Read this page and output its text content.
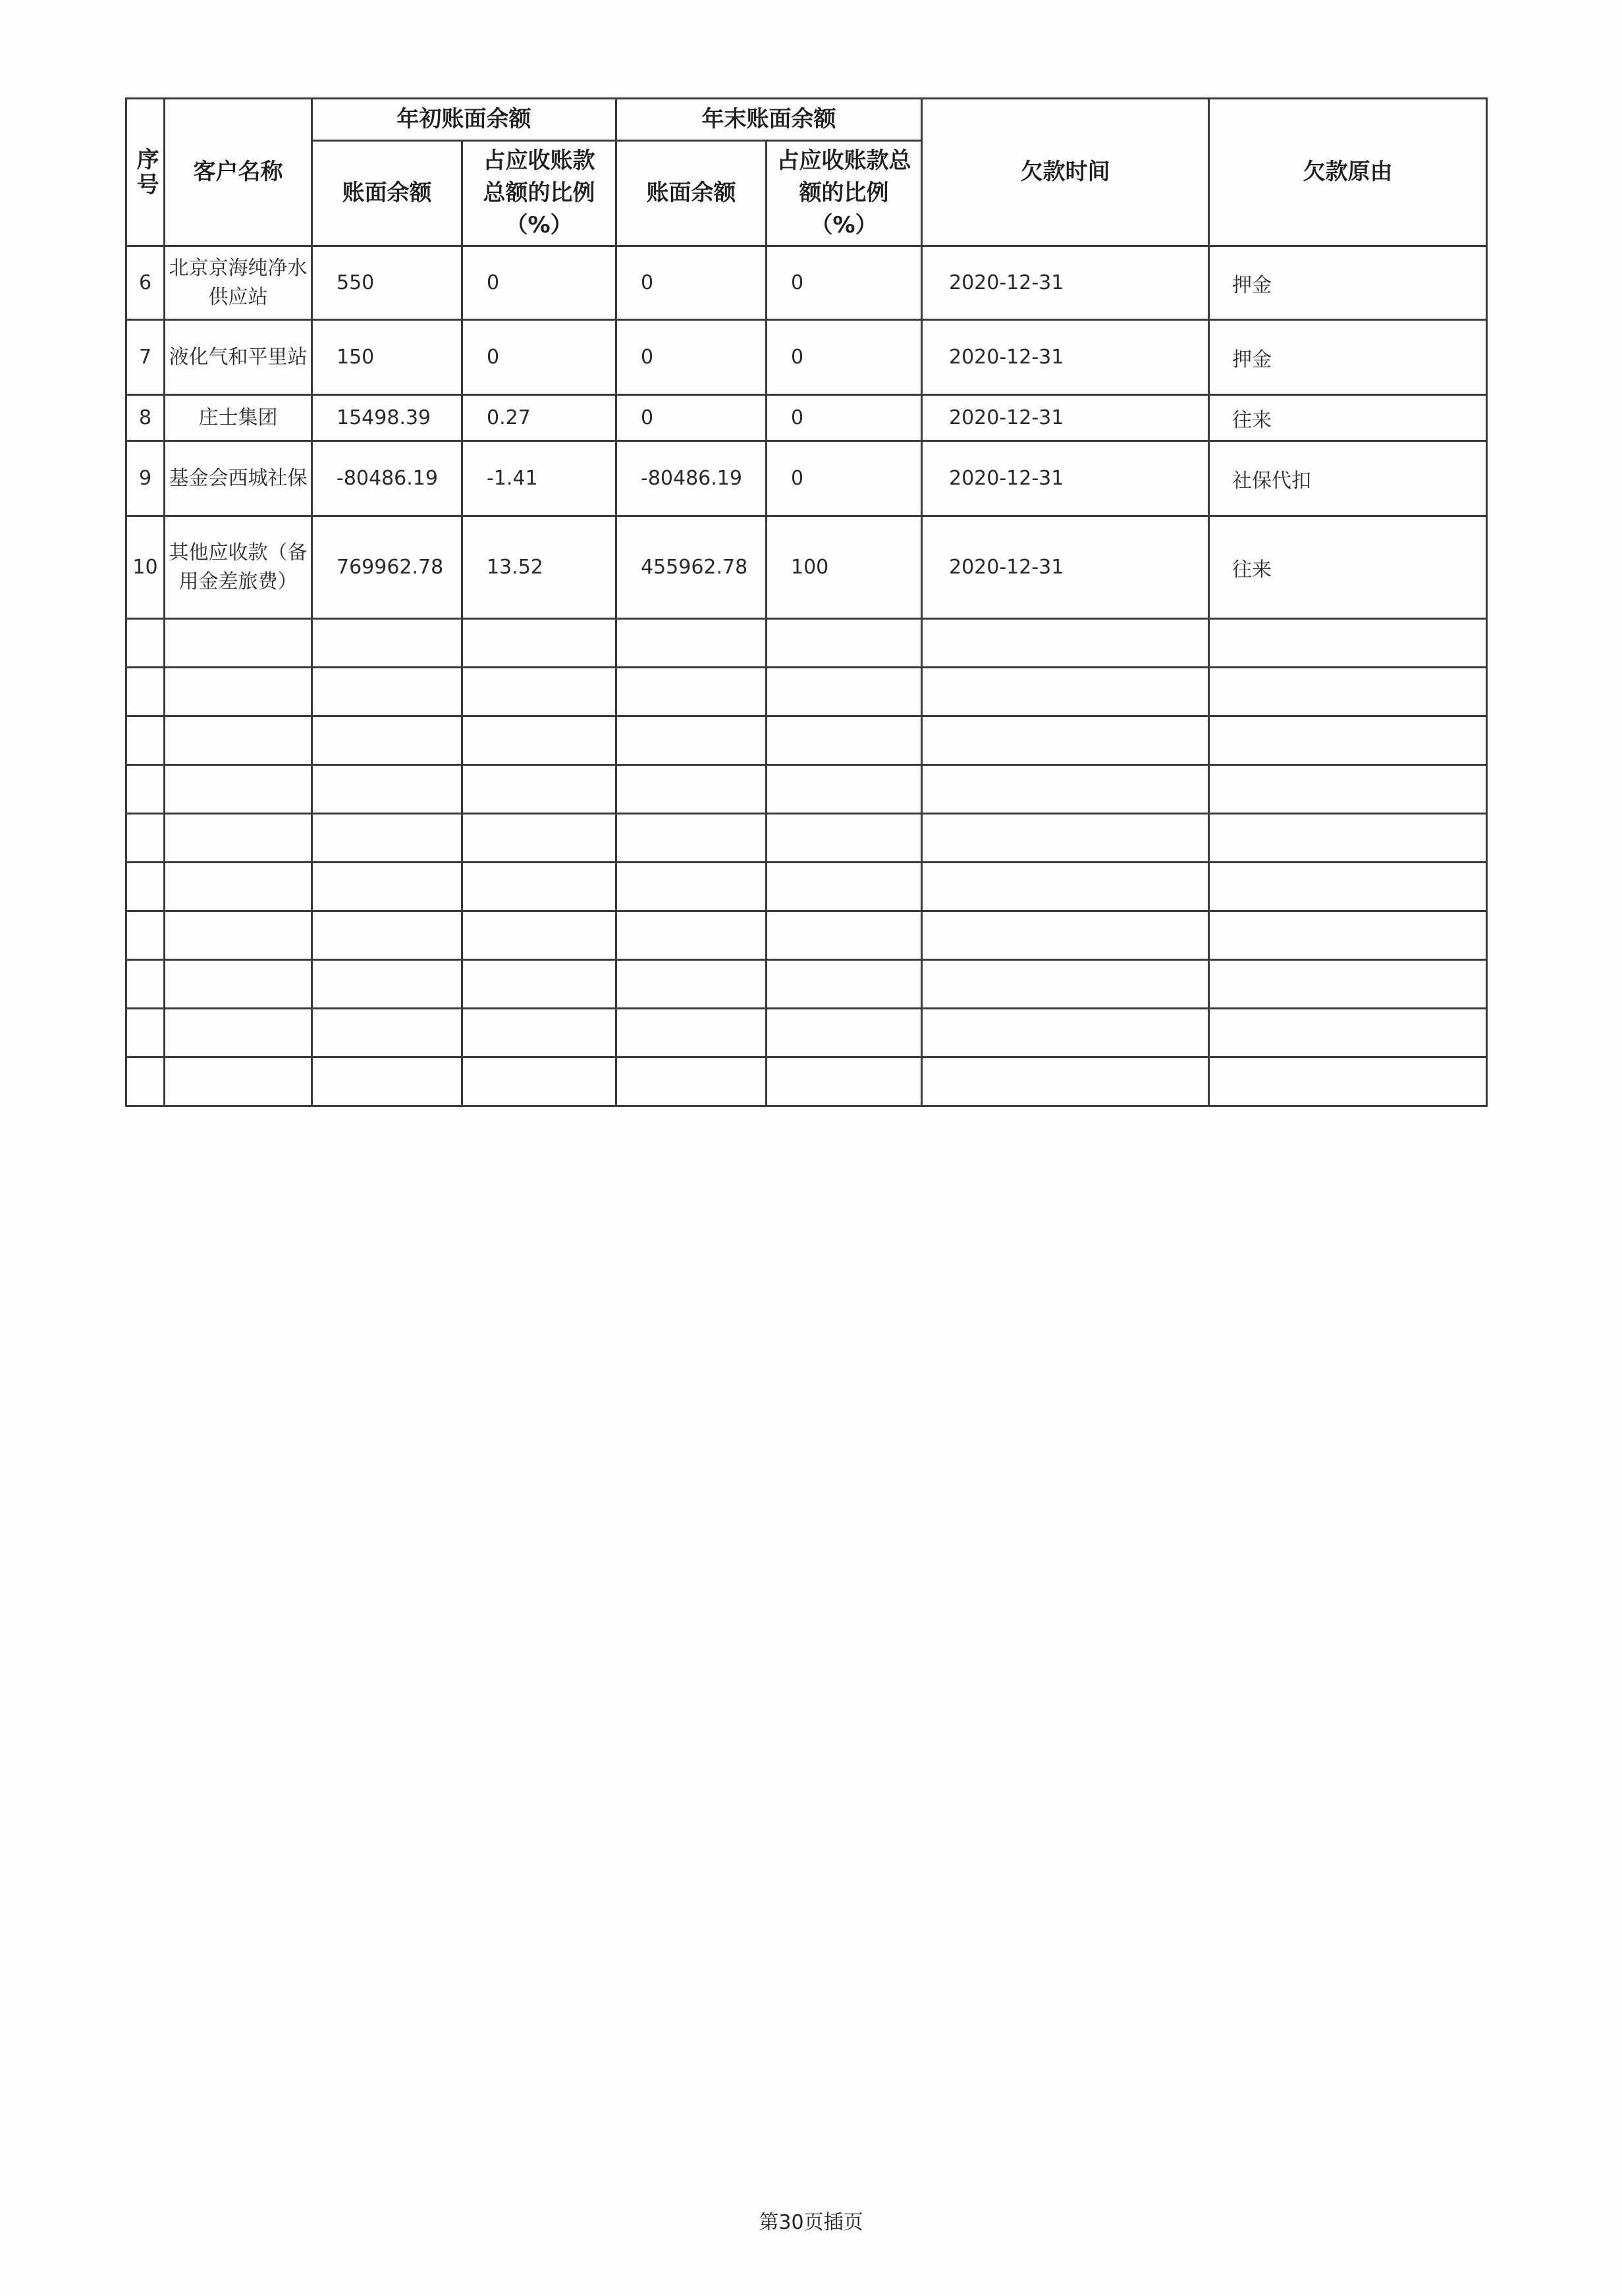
序号	客户名称	年初账面余额		年末账面余额		欠款时间	欠款原由
		账面余额	占应收账款总额的比例（%）	账面余额	占应收账款总额的比例（%）		
6	北京京海纯净水供应站	550	0	0	0	2020-12-31	押金
7	液化气和平里站	150	0	0	0	2020-12-31	押金
8	庄士集团	15498.39	0.27	0	0	2020-12-31	往来
9	基金会西城社保	-80486.19	-1.41	-80486.19	0	2020-12-31	社保代扣
10	其他应收款（备用金差旅费）	769962.78	13.52	455962.78	100	2020-12-31	往来

第30页插页
